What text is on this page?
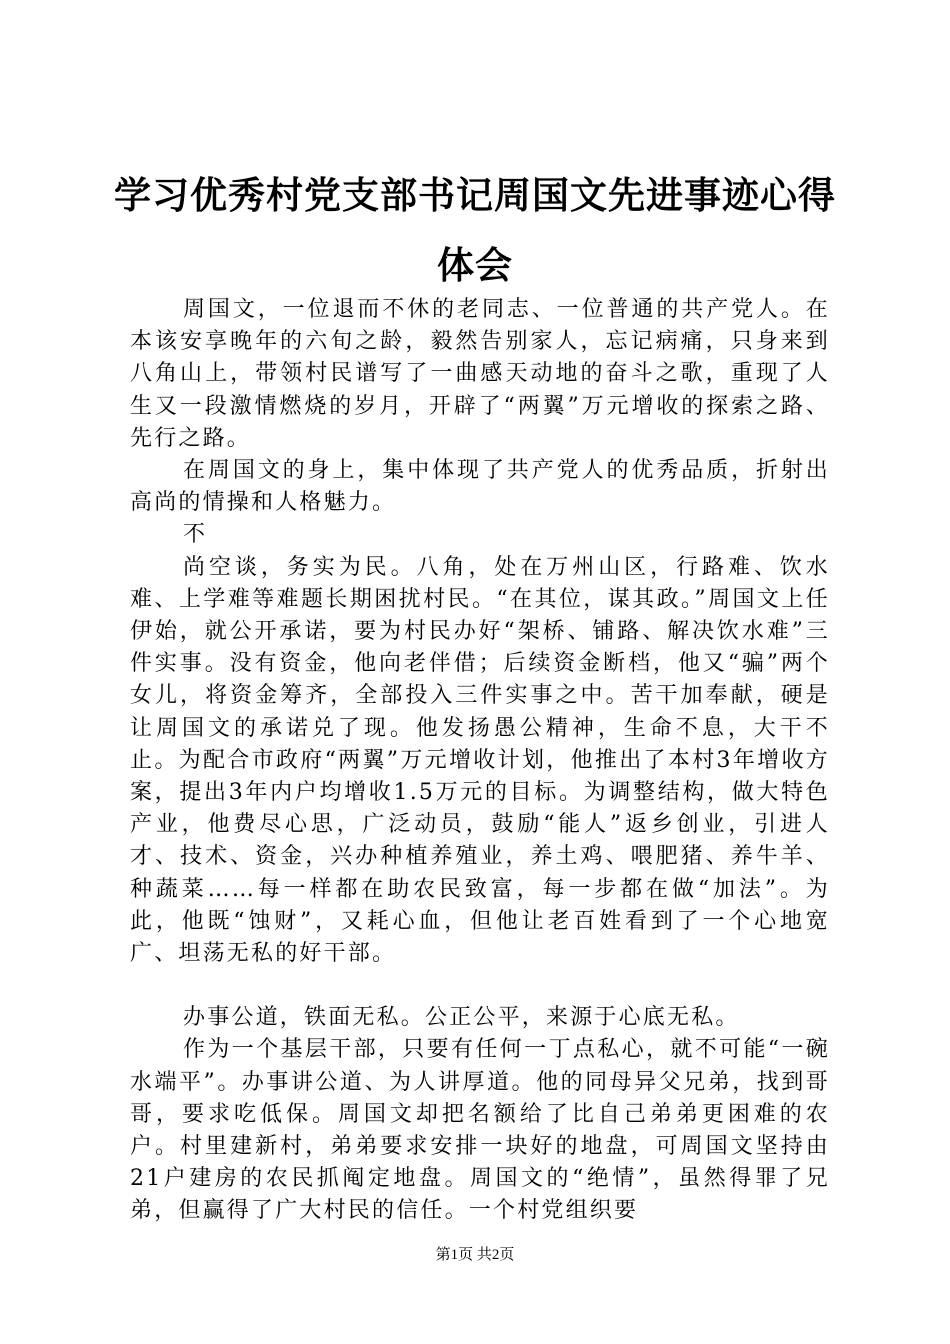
学习优秀村党支部书记周国文先进事迹心得体会

周国文，一位退而不休的老同志、一位普通的共产党人。在本该安享晚年的六旬之龄，毅然告别家人，忘记病痛，只身来到八角山上，带领村民谱写了一曲感天动地的奋斗之歌，重现了人生又一段激情燃烧的岁月，开辟了“两翼”万元增收的探索之路、先行之路。

在周国文的身上，集中体现了共产党人的优秀品质，折射出高尚的情操和人格魅力。

不

尚空谈，务实为民。八角，处在万州山区，行路难、饮水难、上学难等难题长期困扰村民。“在其位，谋其政。”周国文上任伊始，就公开承诺，要为村民办好“架桥、铺路、解决饮水难”三件实事。没有资金，他向老伴借；后续资金断档，他又“骗”两个女儿，将资金筹齐，全部投入三件实事之中。苦干加奉献，硬是让周国文的承诺兑了现。他发扬愚公精神，生命不息，大干不止。为配合市政府“两翼”万元增收计划，他推出了本村3年增收方案，提出3年内户均增收1.5万元的目标。为调整结构，做大特色产业，他费尽心思，广泛动员，鼓励“能人”返乡创业，引进人才、技术、资金，兴办种植养殖业，养土鸡、喂肥猪、养牛羊、种蔬菜……每一样都在助农民致富，每一步都在做“加法”。为此，他既“蚀财”，又耗心血，但他让老百姓看到了一个心地宽广、坦荡无私的好干部。

办事公道，铁面无私。公正公平，来源于心底无私。

作为一个基层干部，只要有任何一丁点私心，就不可能“一碗水端平”。办事讲公道、为人讲厚道。他的同母异父兄弟，找到哥哥，要求吃低保。周国文却把名额给了比自己弟弟更困难的农户。村里建新村，弟弟要求安排一块好的地盘，可周国文坚持由21户建房的农民抓阄定地盘。周国文的“绝情”，虽然得罪了兄弟，但赢得了广大村民的信任。一个村党组织要

第1页 共2页
